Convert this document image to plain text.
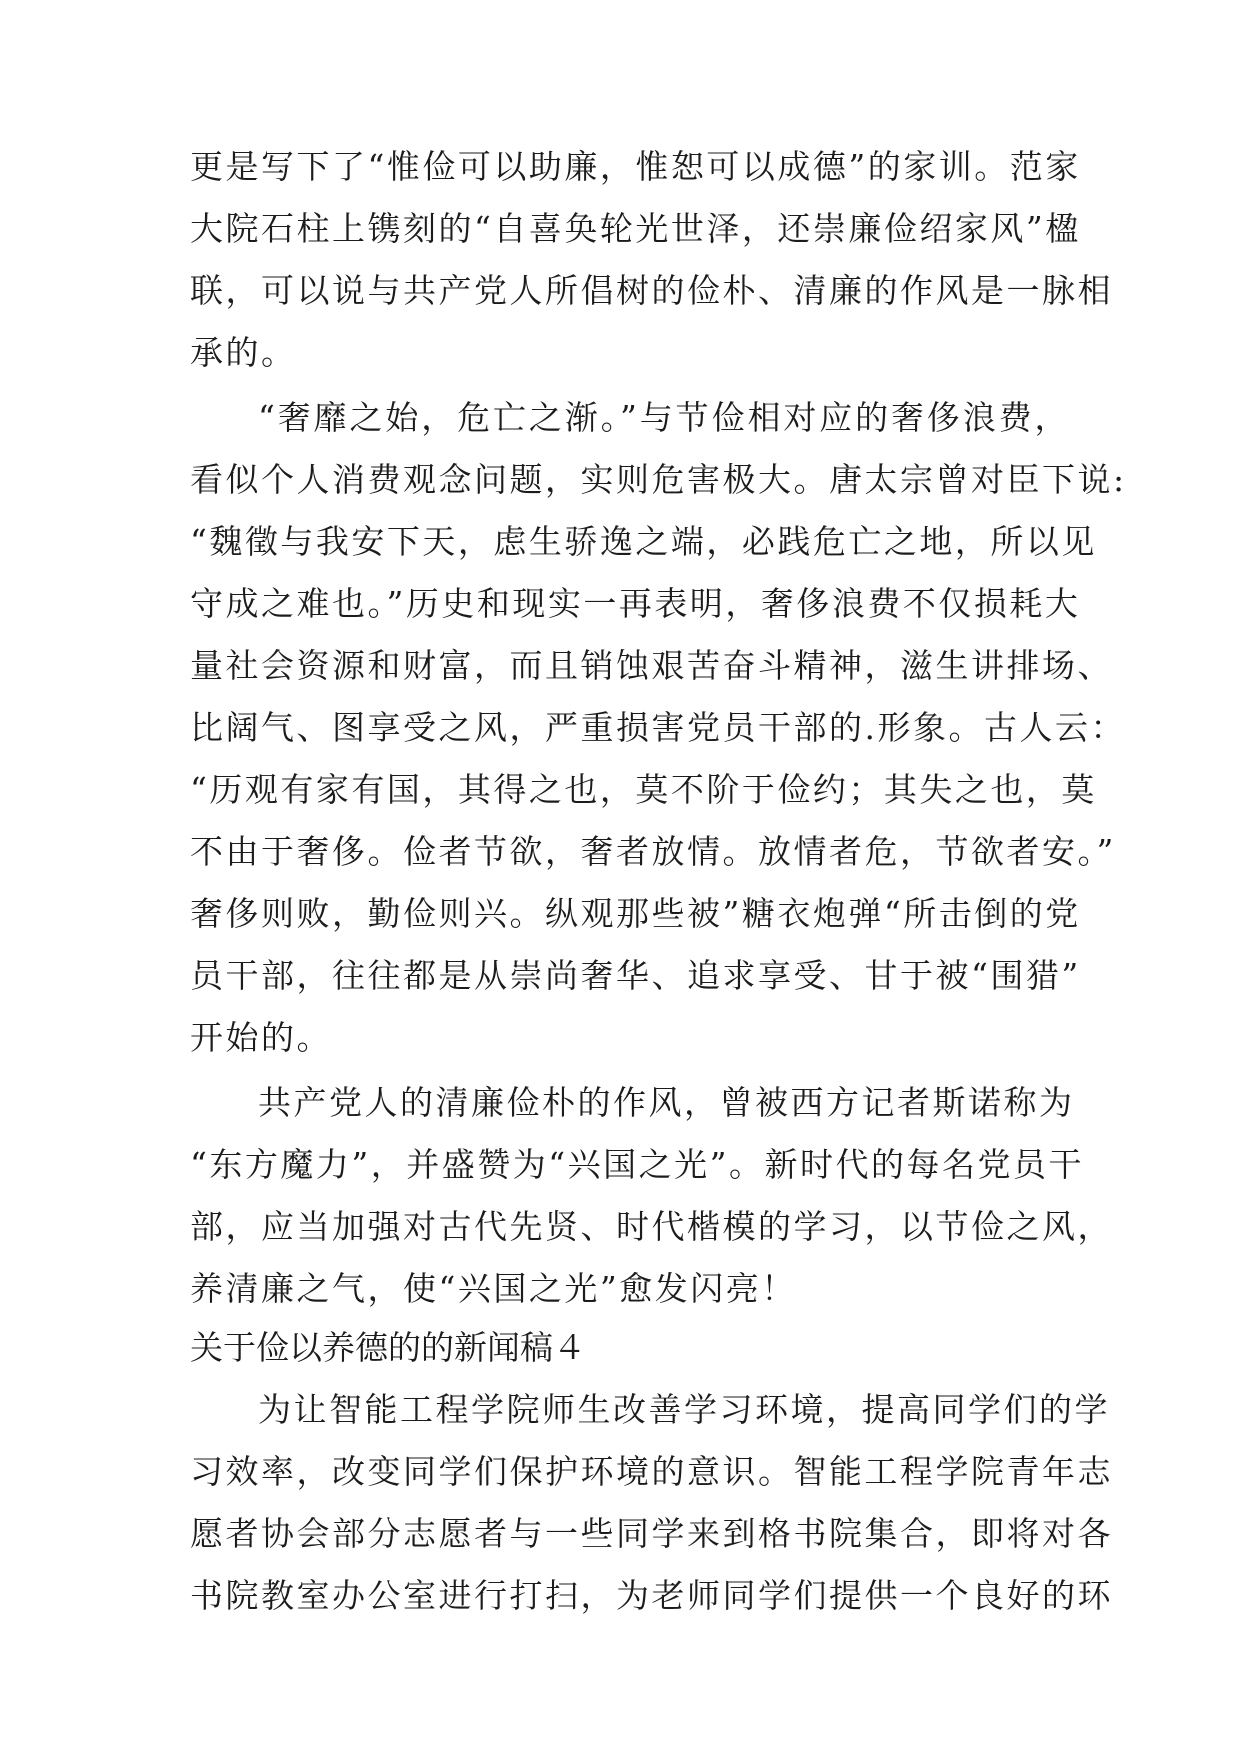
更是写下了“惟俭可以助廉，惟恕可以成德”的家训。范家
大院石柱上镌刻的“自喜奂轮光世泽，还崇廉俭绍家风”楹
联，可以说与共产党人所倡树的俭朴、清廉的作风是一脉相
承的。
“奢靡之始，危亡之渐。”与节俭相对应的奢侈浪费，
看似个人消费观念问题，实则危害极大。唐太宗曾对臣下说:
“魏徵与我安下天，虑生骄逸之端，必践危亡之地，所以见
守成之难也。”历史和现实一再表明，奢侈浪费不仅损耗大
量社会资源和财富，而且销蚀艰苦奋斗精神，滋生讲排场、
比阔气、图享受之风，严重损害党员干部的.形象。古人云：
“历观有家有国，其得之也，莫不阶于俭约；其失之也，莫
不由于奢侈。俭者节欲，奢者放情。放情者危，节欲者安。”
奢侈则败，勤俭则兴。纵观那些被”糖衣炮弹“所击倒的党
员干部，往往都是从崇尚奢华、追求享受、甘于被“围猎”
开始的。
共产党人的清廉俭朴的作风，曾被西方记者斯诺称为
“东方魔力”，并盛赞为“兴国之光”。新时代的每名党员干
部，应当加强对古代先贤、时代楷模的学习，以节俭之风，
养清廉之气，使“兴国之光”愈发闪亮！
关于俭以养德的的新闻稿４
为让智能工程学院师生改善学习环境，提高同学们的学
习效率，改变同学们保护环境的意识。智能工程学院青年志
愿者协会部分志愿者与一些同学来到格书院集合，即将对各
书院教室办公室进行打扫，为老师同学们提供一个良好的环
